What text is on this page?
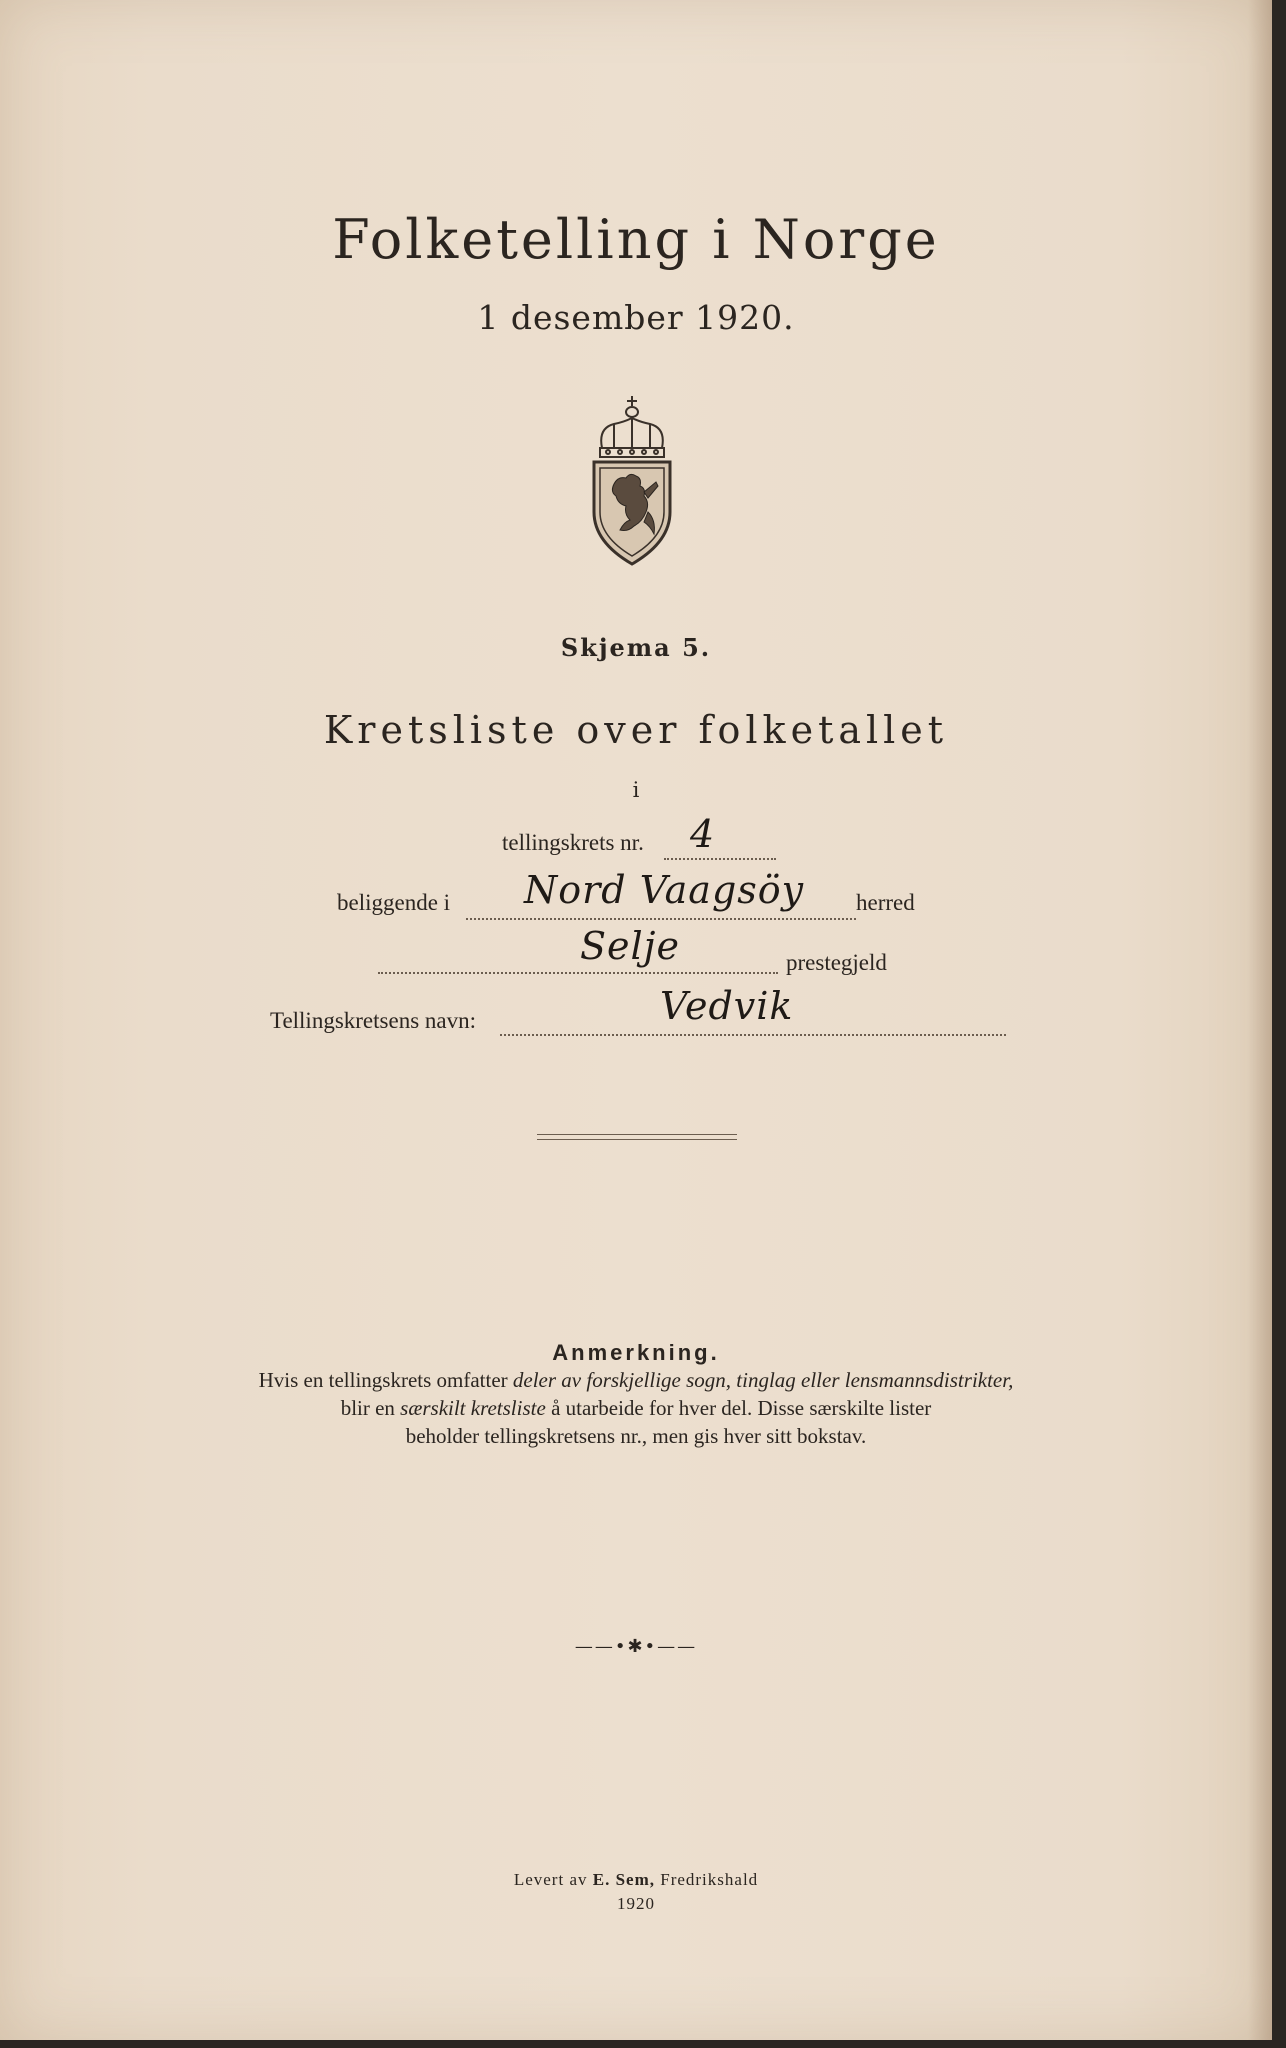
Folketelling i Norge
1 desember 1920.
Skjema 5.
Kretsliste over folketallet
i
tellingskrets nr. 4
beliggende i Nord Vaagsöy herred
Selje	prestegjeld
Tellingskretsens navn:	Vedvik
Anmerkning.
Hvis en tellingskrets omfatter deler av forskjellige sogn, tinglag eller lensmannsdistrikter,
blir en særskilt kretsliste å utarbeide for hver del. Disse særskilte lister
beholder tellingskretsens nr., men gis hver sitt bokstav.
——•✱•——
Levert av E. Sem, Fredrikshald
1920
